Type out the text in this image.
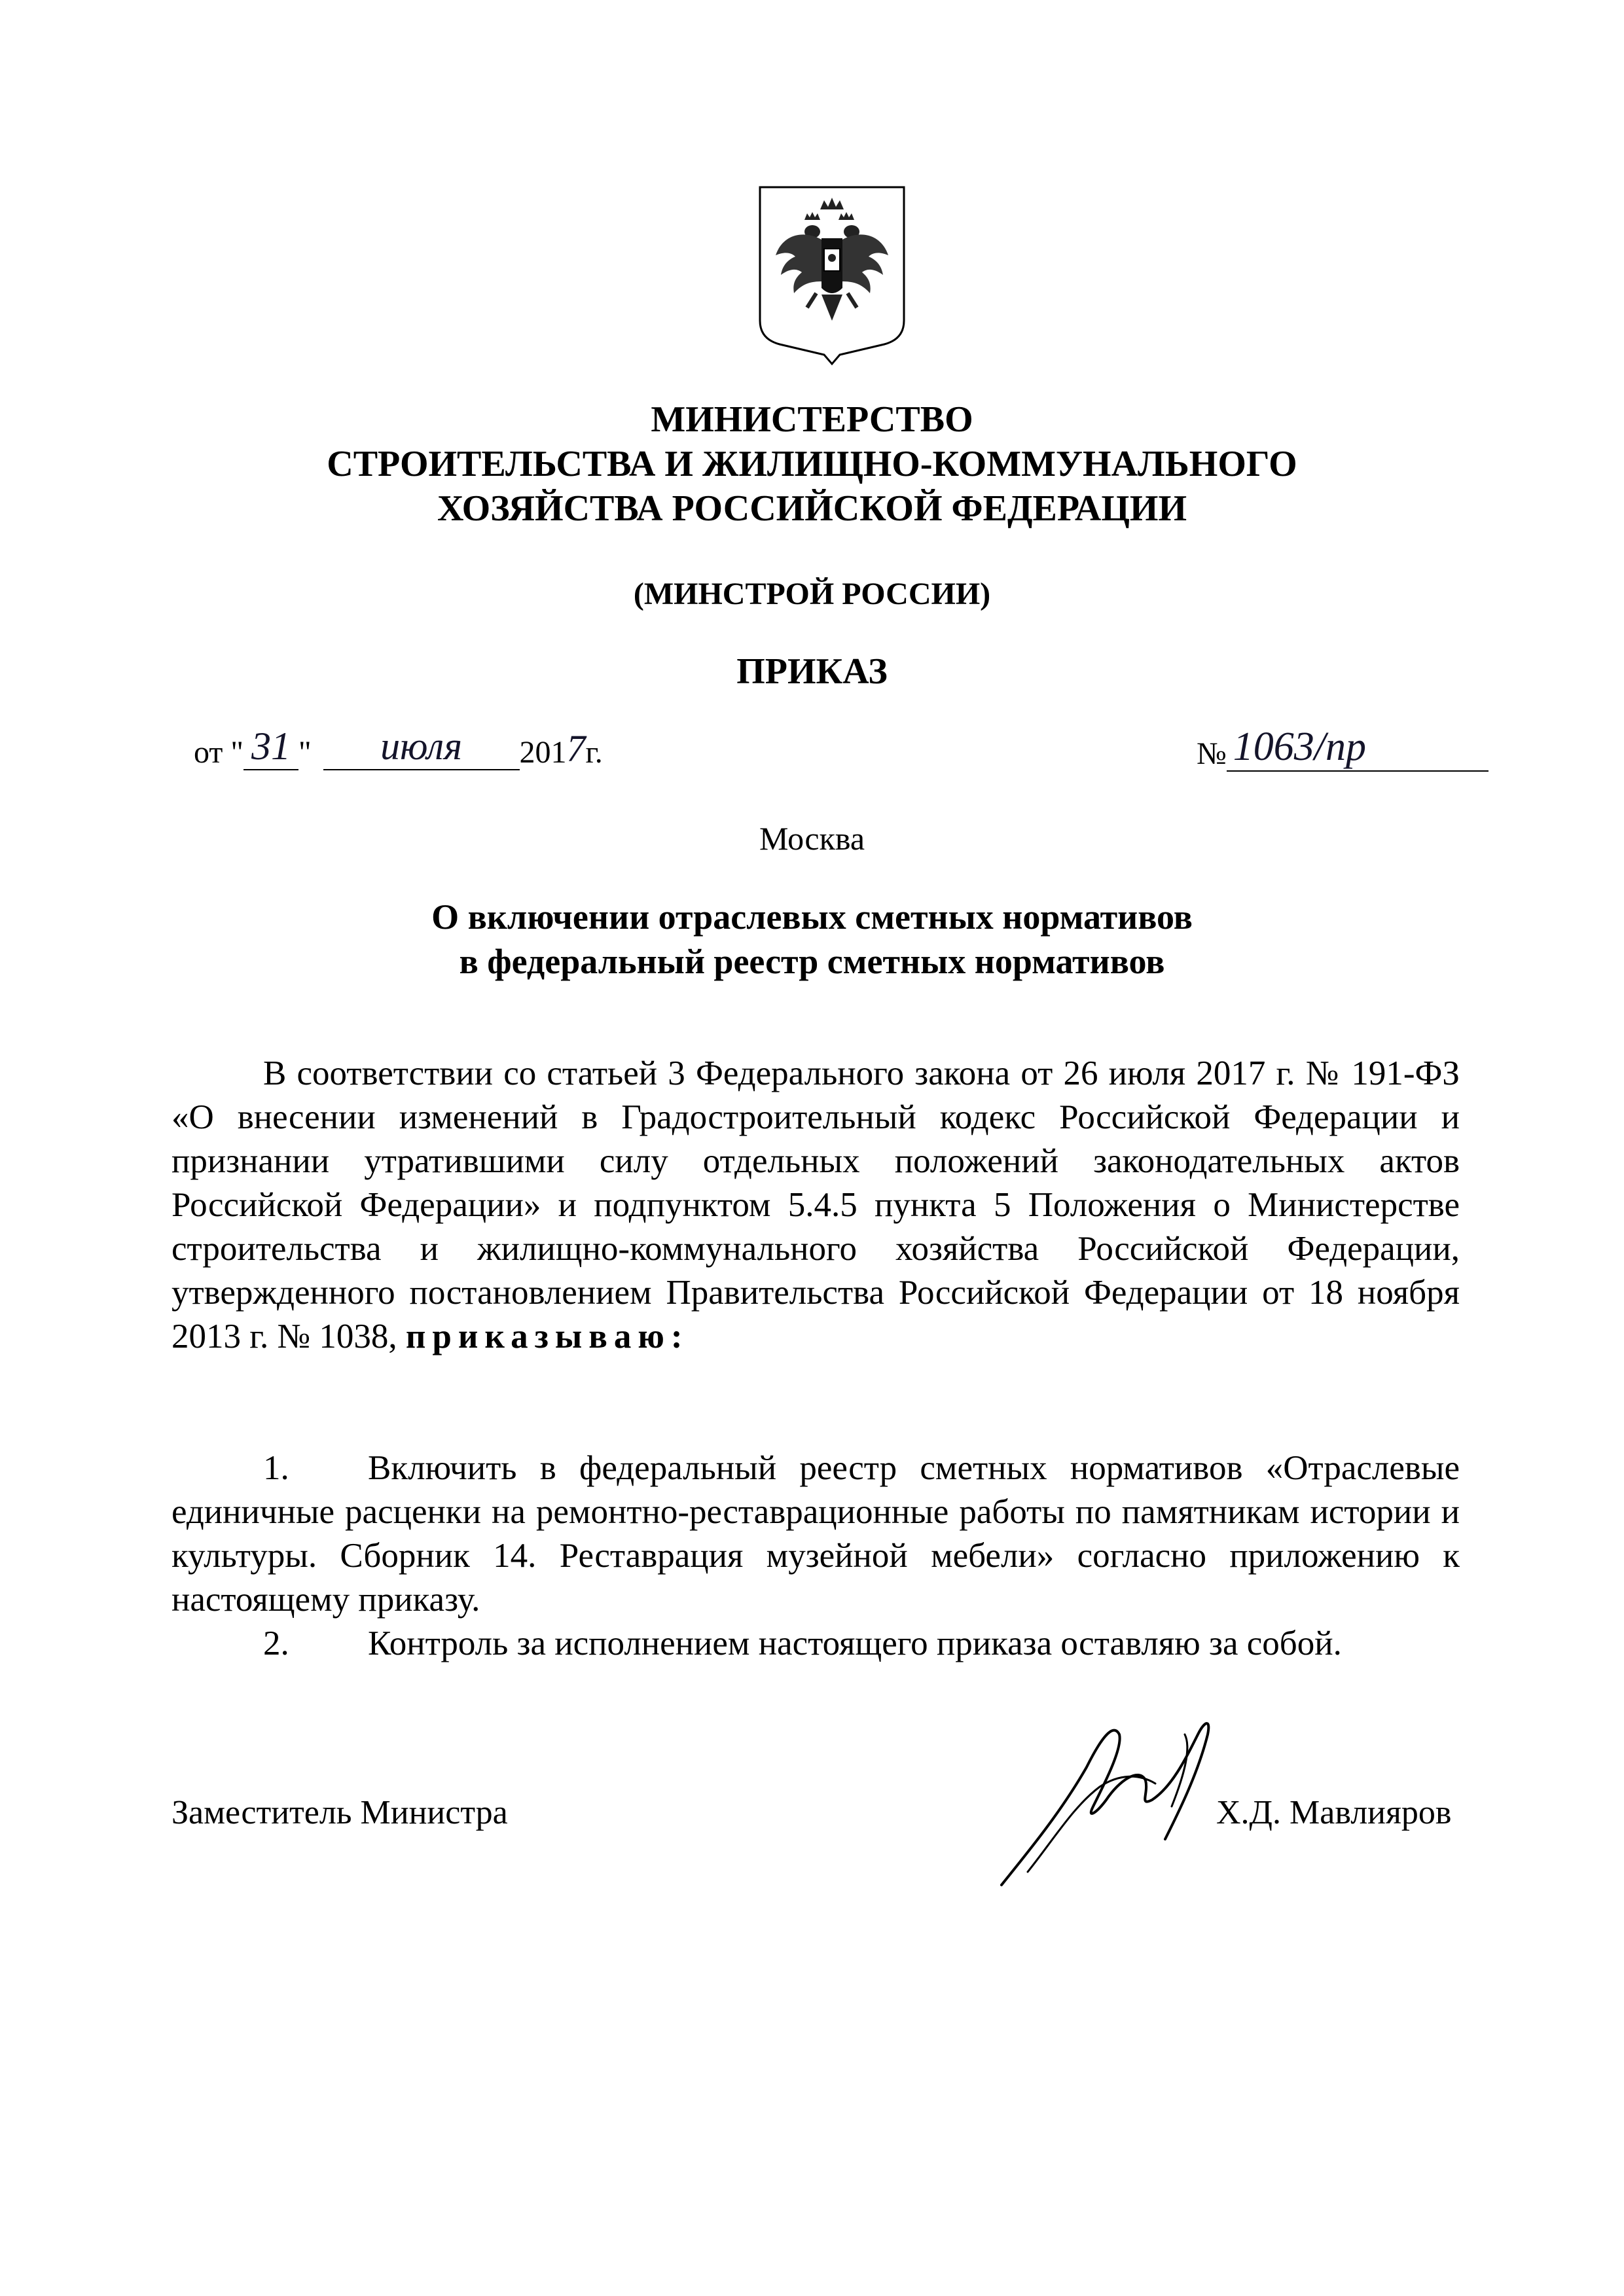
МИНИСТЕРСТВО
СТРОИТЕЛЬСТВА И ЖИЛИЩНО-КОММУНАЛЬНОГО
ХОЗЯЙСТВА РОССИЙСКОЙ ФЕДЕРАЦИИ
(МИНСТРОЙ РОССИИ)
ПРИКАЗ
от " 31 " июля 2017г.	№ 1063/пр
Москва
О включении отраслевых сметных нормативов
в федеральный реестр сметных нормативов
В соответствии со статьей 3 Федерального закона от 26 июля 2017 г. № 191-ФЗ «О внесении изменений в Градостроительный кодекс Российской Федерации и признании утратившими силу отдельных положений законодательных актов Российской Федерации» и подпунктом 5.4.5 пункта 5 Положения о Министерстве строительства и жилищно-коммунального хозяйства Российской Федерации, утвержденного постановлением Правительства Российской Федерации от 18 ноября 2013 г. № 1038, приказываю:
1. Включить в федеральный реестр сметных нормативов «Отраслевые единичные расценки на ремонтно-реставрационные работы по памятникам истории и культуры. Сборник 14. Реставрация музейной мебели» согласно приложению к настоящему приказу.
2. Контроль за исполнением настоящего приказа оставляю за собой.
Заместитель Министра	Х.Д. Мавлияров
